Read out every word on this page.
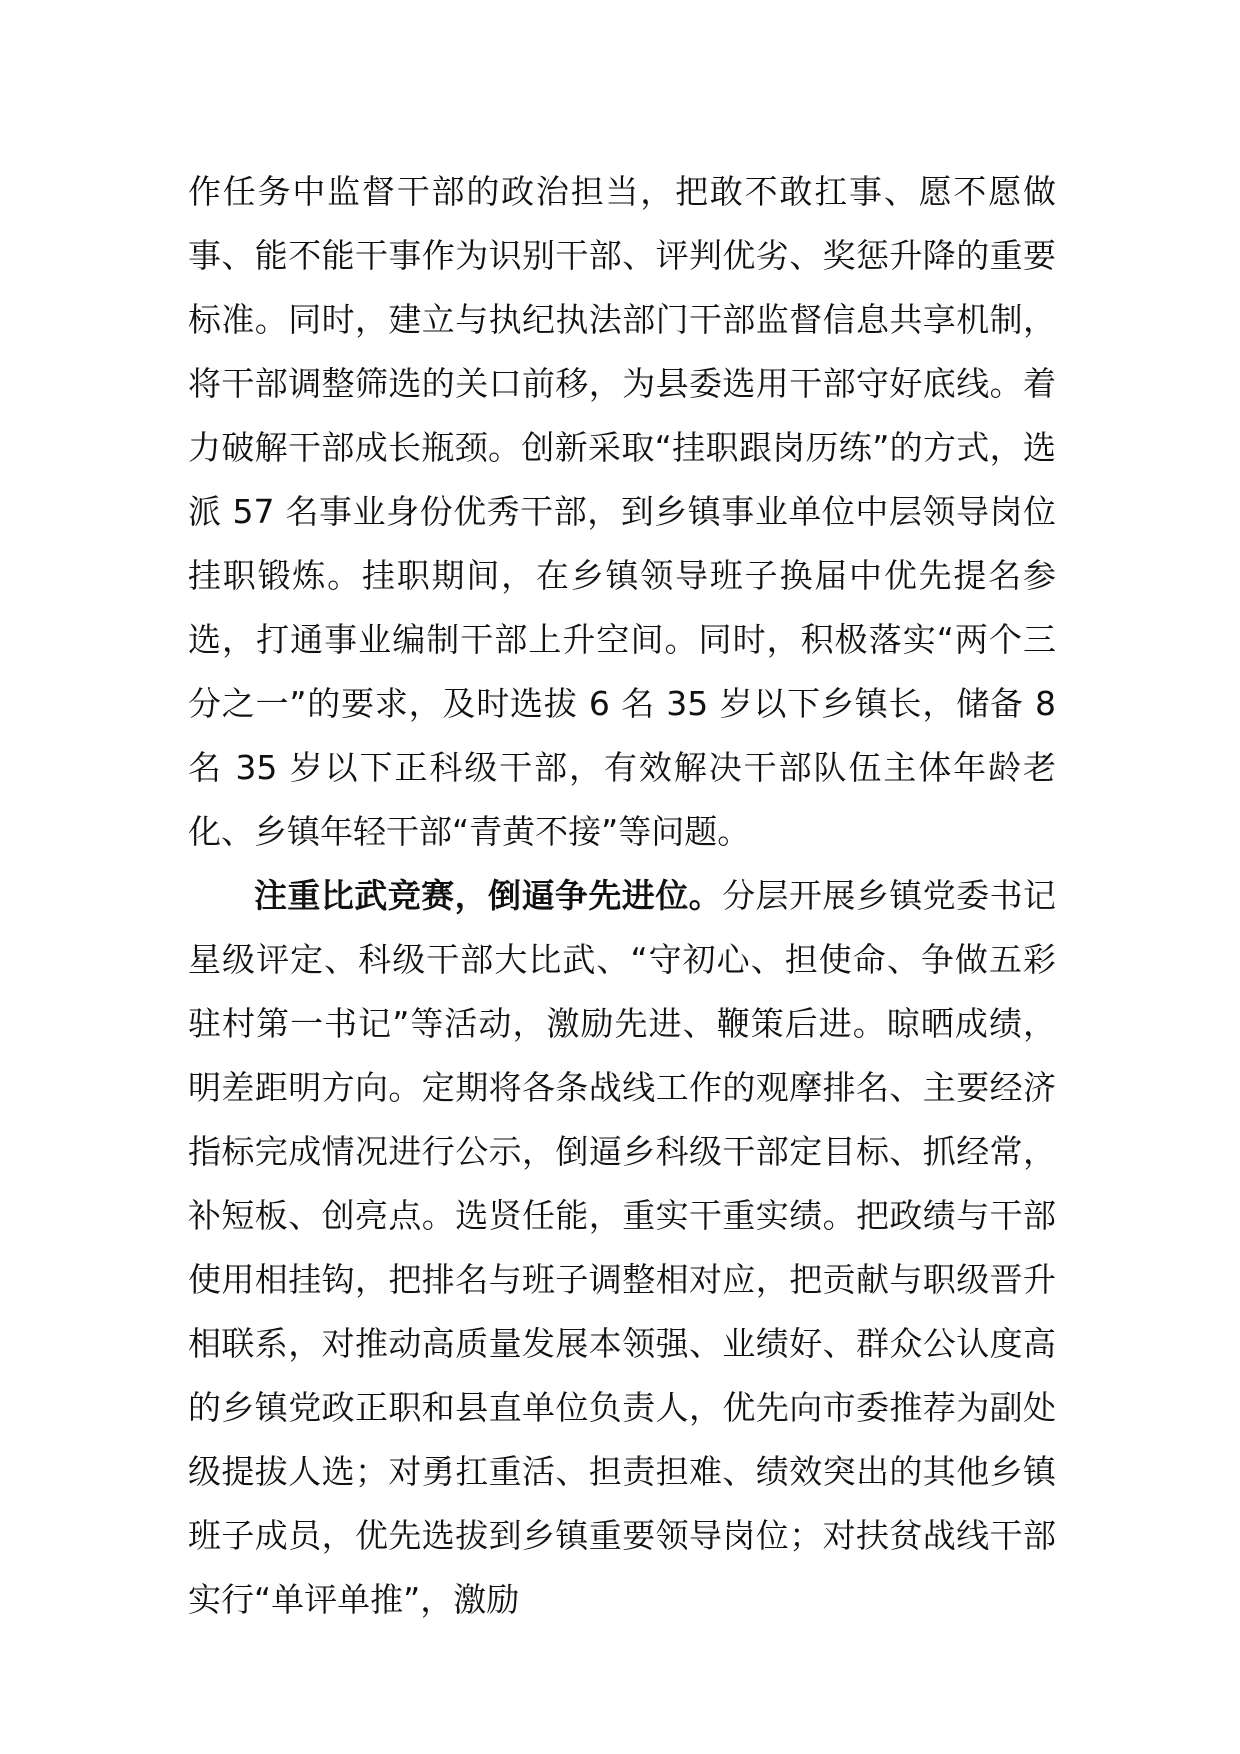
作任务中监督干部的政治担当，把敢不敢扛事、愿不愿做事、能不能干事作为识别干部、评判优劣、奖惩升降的重要标准。同时，建立与执纪执法部门干部监督信息共享机制，将干部调整筛选的关口前移，为县委选用干部守好底线。着力破解干部成长瓶颈。创新采取“挂职跟岗历练”的方式，选派 57 名事业身份优秀干部，到乡镇事业单位中层领导岗位挂职锻炼。挂职期间，在乡镇领导班子换届中优先提名参选，打通事业编制干部上升空间。同时，积极落实“两个三分之一”的要求，及时选拔 6 名 35 岁以下乡镇长，储备 8 名 35 岁以下正科级干部，有效解决干部队伍主体年龄老化、乡镇年轻干部“青黄不接”等问题。

注重比武竞赛，倒逼争先进位。分层开展乡镇党委书记星级评定、科级干部大比武、“守初心、担使命、争做五彩驻村第一书记”等活动，激励先进、鞭策后进。晾晒成绩，明差距明方向。定期将各条战线工作的观摩排名、主要经济指标完成情况进行公示，倒逼乡科级干部定目标、抓经常，补短板、创亮点。选贤任能，重实干重实绩。把政绩与干部使用相挂钩，把排名与班子调整相对应，把贡献与职级晋升相联系，对推动高质量发展本领强、业绩好、群众公认度高的乡镇党政正职和县直单位负责人，优先向市委推荐为副处级提拔人选；对勇扛重活、担责担难、绩效突出的其他乡镇班子成员，优先选拔到乡镇重要领导岗位；对扶贫战线干部实行“单评单推”，激励
